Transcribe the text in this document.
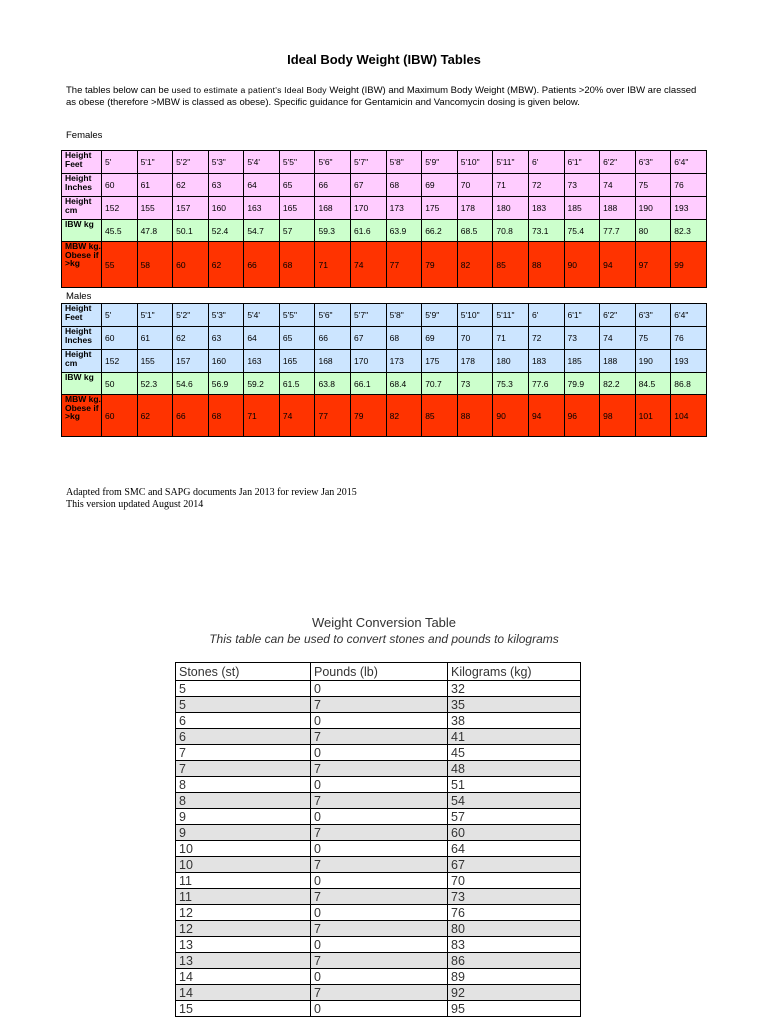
Ideal Body Weight (IBW) Tables
The tables below can be used to estimate a patient's Ideal Body Weight (IBW) and Maximum Body Weight (MBW). Patients >20% over IBW are classed as obese (therefore >MBW is classed as obese). Specific guidance for Gentamicin and Vancomycin dosing is given below.
Females
Height Feet	5'	5'1"	5'2"	5'3"	5'4'	5'5"	5'6"	5'7"	5'8"	5'9"	5'10"	5'11"	6'	6'1"	6'2"	6'3"	6'4"
Height Inches	60	61	62	63	64	65	66	67	68	69	70	71	72	73	74	75	76
Height cm	152	155	157	160	163	165	168	170	173	175	178	180	183	185	188	190	193
IBW kg	45.5	47.8	50.1	52.4	54.7	57	59.3	61.6	63.9	66.2	68.5	70.8	73.1	75.4	77.7	80	82.3
MBW kg. Obese if >kg	55	58	60	62	66	68	71	74	77	79	82	85	88	90	94	97	99
Males
Height Feet	5'	5'1"	5'2"	5'3"	5'4'	5'5"	5'6"	5'7"	5'8"	5'9"	5'10"	5'11"	6'	6'1"	6'2"	6'3"	6'4"
Height Inches	60	61	62	63	64	65	66	67	68	69	70	71	72	73	74	75	76
Height cm	152	155	157	160	163	165	168	170	173	175	178	180	183	185	188	190	193
IBW kg	50	52.3	54.6	56.9	59.2	61.5	63.8	66.1	68.4	70.7	73	75.3	77.6	79.9	82.2	84.5	86.8
MBW kg. Obese if >kg	60	62	66	68	71	74	77	79	82	85	88	90	94	96	98	101	104
Adapted from SMC and SAPG documents Jan 2013 for review Jan 2015
This version updated August 2014
Weight Conversion Table
This table can be used to convert stones and pounds to kilograms
Stones (st)	Pounds (lb)	Kilograms (kg)
5	0	32
5	7	35
6	0	38
6	7	41
7	0	45
7	7	48
8	0	51
8	7	54
9	0	57
9	7	60
10	0	64
10	7	67
11	0	70
11	7	73
12	0	76
12	7	80
13	0	83
13	7	86
14	0	89
14	7	92
15	0	95
